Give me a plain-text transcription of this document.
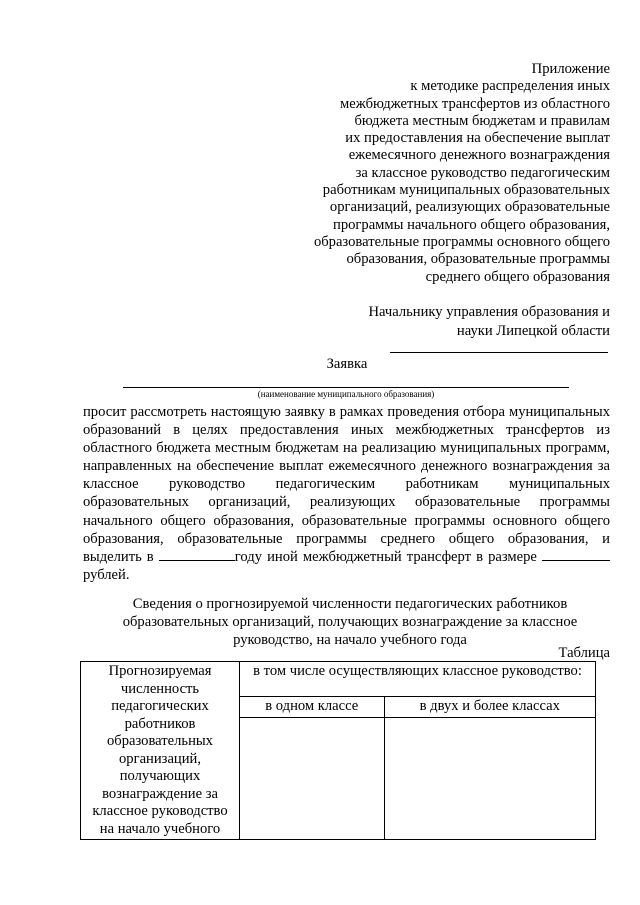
Приложение
к методике распределения иных
межбюджетных трансфертов из областного
бюджета местным бюджетам и правилам
их предоставления на обеспечение выплат
ежемесячного денежного вознаграждения
за классное руководство педагогическим
работникам муниципальных образовательных
организаций, реализующих образовательные
программы начального общего образования,
образовательные программы основного общего
образования, образовательные программы
среднего общего образования
Начальнику управления образования и
науки Липецкой области
Заявка
(наименование муниципального образования)
просит рассмотреть настоящую заявку в рамках проведения отбора муниципальных образований в целях предоставления иных межбюджетных трансфертов из областного бюджета местным бюджетам на реализацию муниципальных программ, направленных на обеспечение выплат ежемесячного денежного вознаграждения за классное руководство педагогическим работникам муниципальных образовательных организаций, реализующих образовательные программы начального общего образования, образовательные программы основного общего образования, образовательные программы среднего общего образования, и выделить в	году иной межбюджетный трансферт в размере  рублей.
Сведения о прогнозируемой численности педагогических работников
образовательных организаций, получающих вознаграждение за классное
руководство, на начало учебного года
Таблица
Прогнозируемая численность педагогических работников образовательных организаций, получающих вознаграждение за классное руководство на начало учебного	в том числе осуществляющих классное руководство:	
	в одном классе	в двух и более классах
